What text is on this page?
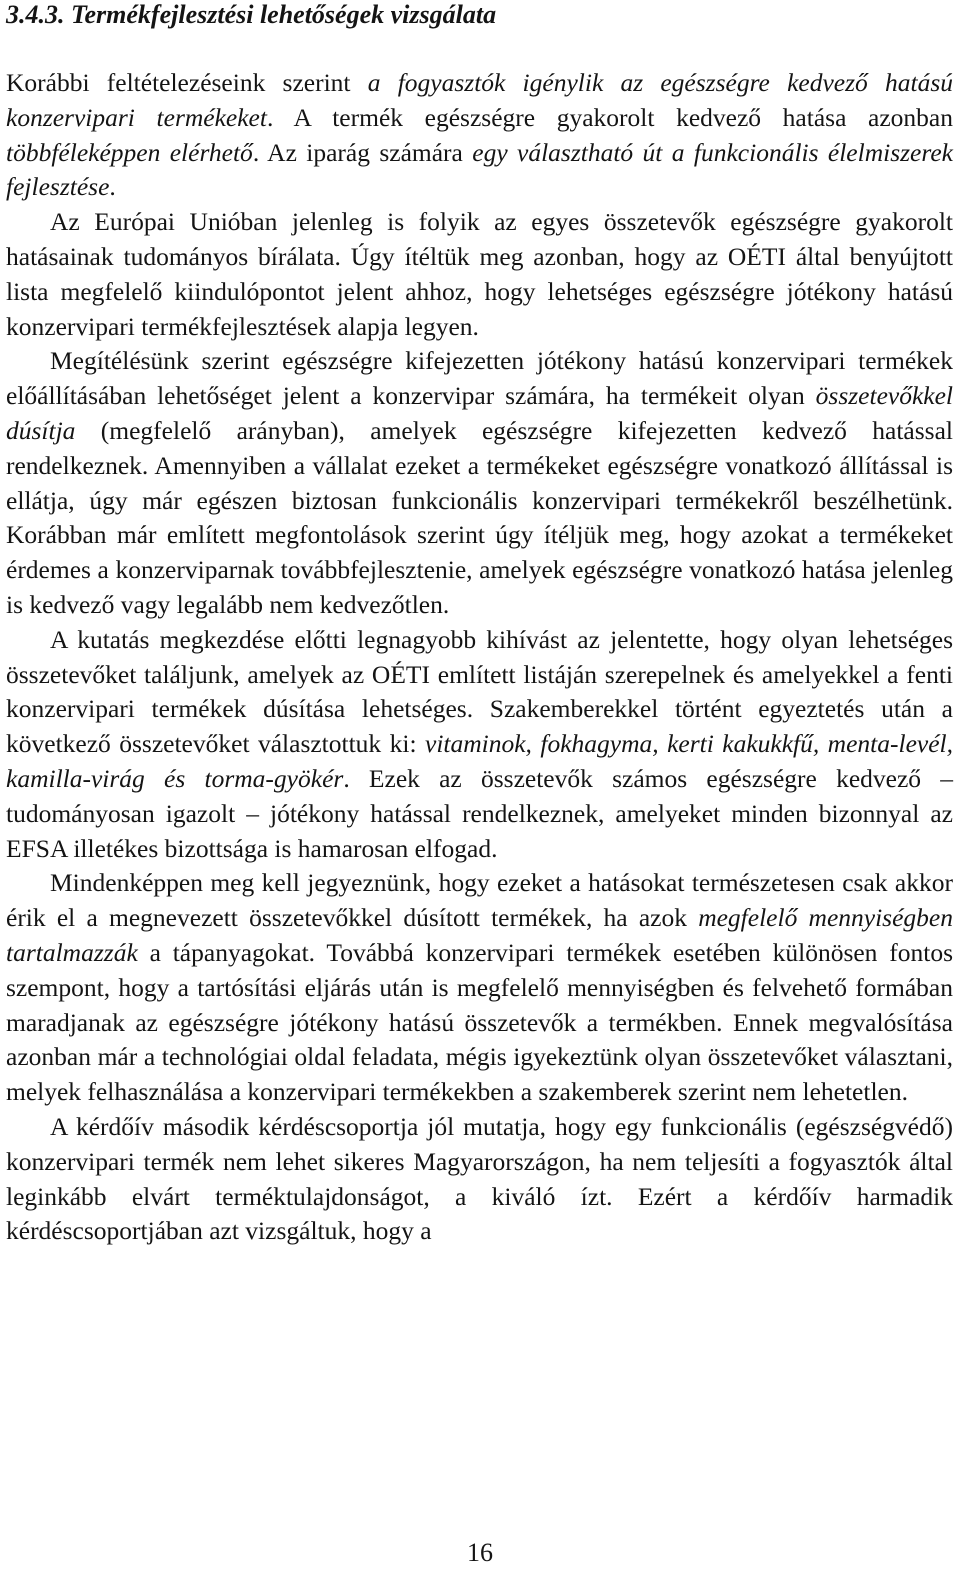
3.4.3. Termékfejlesztési lehetőségek vizsgálata

Korábbi feltételezéseink szerint a fogyasztók igénylik az egészségre kedvező hatású konzervipari termékeket. A termék egészségre gyakorolt kedvező hatása azonban többféleképpen elérhető. Az iparág számára egy választható út a funkcionális élelmiszerek fejlesztése.

Az Európai Unióban jelenleg is folyik az egyes összetevők egészségre gyakorolt hatásainak tudományos bírálata. Úgy ítéltük meg azonban, hogy az OÉTI által benyújtott lista megfelelő kiindulópontot jelent ahhoz, hogy lehetséges egészségre jótékony hatású konzervipari termékfejlesztések alapja legyen.

Megítélésünk szerint egészségre kifejezetten jótékony hatású konzervipari termékek előállításában lehetőséget jelent a konzervipar számára, ha termékeit olyan összetevőkkel dúsítja (megfelelő arányban), amelyek egészségre kifejezetten kedvező hatással rendelkeznek. Amennyiben a vállalat ezeket a termékeket egészségre vonatkozó állítással is ellátja, úgy már egészen biztosan funkcionális konzervipari termékekről beszélhetünk. Korábban már említett megfontolások szerint úgy ítéljük meg, hogy azokat a termékeket érdemes a konzerviparnak továbbfejlesztenie, amelyek egészségre vonatkozó hatása jelenleg is kedvező vagy legalább nem kedvezőtlen.

A kutatás megkezdése előtti legnagyobb kihívást az jelentette, hogy olyan lehetséges összetevőket találjunk, amelyek az OÉTI említett listáján szerepelnek és amelyekkel a fenti konzervipari termékek dúsítása lehetséges. Szakemberekkel történt egyeztetés után a következő összetevőket választottuk ki: vitaminok, fokhagyma, kerti kakukkfű, menta-levél, kamilla-virág és torma-gyökér. Ezek az összetevők számos egészségre kedvező – tudományosan igazolt – jótékony hatással rendelkeznek, amelyeket minden bizonnyal az EFSA illetékes bizottsága is hamarosan elfogad.

Mindenképpen meg kell jegyeznünk, hogy ezeket a hatásokat természetesen csak akkor érik el a megnevezett összetevőkkel dúsított termékek, ha azok megfelelő mennyiségben tartalmazzák a tápanyagokat. Továbbá konzervipari termékek esetében különösen fontos szempont, hogy a tartósítási eljárás után is megfelelő mennyiségben és felvehető formában maradjanak az egészségre jótékony hatású összetevők a termékben. Ennek megvalósítása azonban már a technológiai oldal feladata, mégis igyekeztünk olyan összetevőket választani, melyek felhasználása a konzervipari termékekben a szakemberek szerint nem lehetetlen.

A kérdőív második kérdéscsoportja jól mutatja, hogy egy funkcionális (egészségvédő) konzervipari termék nem lehet sikeres Magyarországon, ha nem teljesíti a fogyasztók által leginkább elvárt terméktulajdonságot, a kiváló ízt. Ezért a kérdőív harmadik kérdéscsoportjában azt vizsgáltuk, hogy a

16
